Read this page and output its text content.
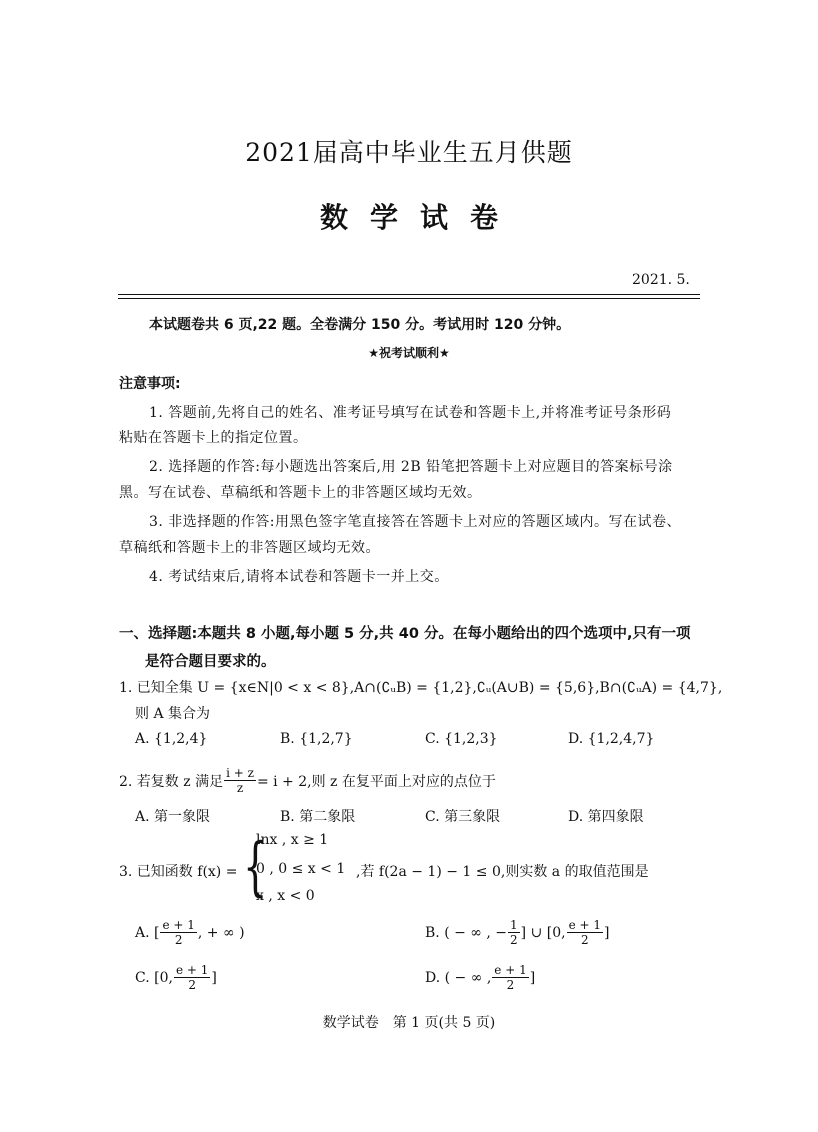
2021届高中毕业生五月供题
数学试卷
2021. 5.
本试题卷共 6 页,22 题。全卷满分 150 分。考试用时 120 分钟。
★祝考试顺利★
注意事项:
1. 答题前,先将自己的姓名、准考证号填写在试卷和答题卡上,并将准考证号条形码
粘贴在答题卡上的指定位置。
2. 选择题的作答:每小题选出答案后,用 2B 铅笔把答题卡上对应题目的答案标号涂
黑。写在试卷、草稿纸和答题卡上的非答题区域均无效。
3. 非选择题的作答:用黑色签字笔直接答在答题卡上对应的答题区域内。写在试卷、
草稿纸和答题卡上的非答题区域均无效。
4. 考试结束后,请将本试卷和答题卡一并上交。
一、选择题:本题共 8 小题,每小题 5 分,共 40 分。在每小题给出的四个选项中,只有一项
是符合题目要求的。
1. 已知全集 U = {x∈N|0 < x < 8},A∩(∁ᵤB) = {1,2},∁ᵤ(A∪B) = {5,6},B∩(∁ᵤA) = {4,7},
则 A 集合为
A. {1,2,4}	B. {1,2,7}	C. {1,2,3}	D. {1,2,4,7}
2. 若复数 z 满足 $\frac{i + z}{z} = i + 2$,则 z 在复平面上对应的点位于
A. 第一象限	B. 第二象限	C. 第三象限	D. 第四象限
3. 已知函数 f(x) = {
lnx , x ≥ 1
0 , 0 ≤ x < 1
x , x < 0
,若 f(2a − 1) − 1 ≤ 0,则实数 a 的取值范围是
A. [ $\frac{e + 1}{2}$ , + ∞ )	B. ( − ∞ , − $\frac{1}{2}$ ] ∪ [0, $\frac{e + 1}{2}$ ]
C. [0, $\frac{e + 1}{2}$ ]	D. ( − ∞ , $\frac{e + 1}{2}$ ]
数学试卷　第 1 页(共 5 页)
